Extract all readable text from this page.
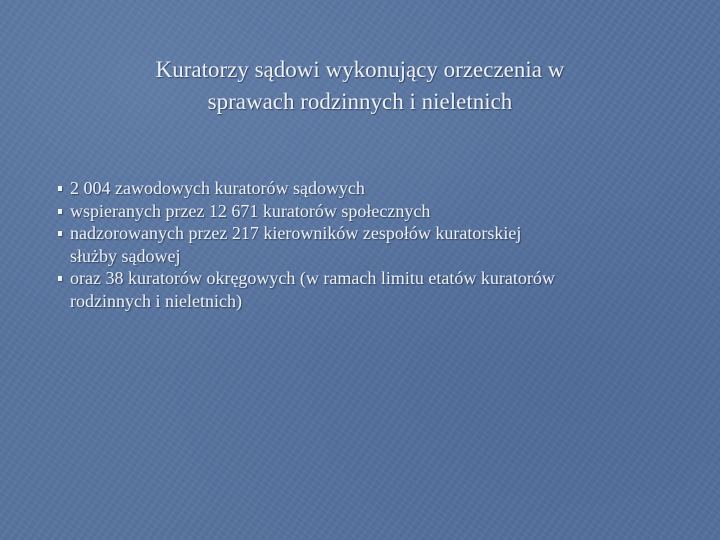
Kuratorzy sądowi wykonujący orzeczenia w
sprawach rodzinnych i nieletnich
2 004 zawodowych kuratorów sądowych
wspieranych przez 12 671 kuratorów społecznych
nadzorowanych przez 217 kierowników zespołów kuratorskiej
służby sądowej
oraz 38 kuratorów okręgowych (w ramach limitu etatów kuratorów
rodzinnych i nieletnich)
